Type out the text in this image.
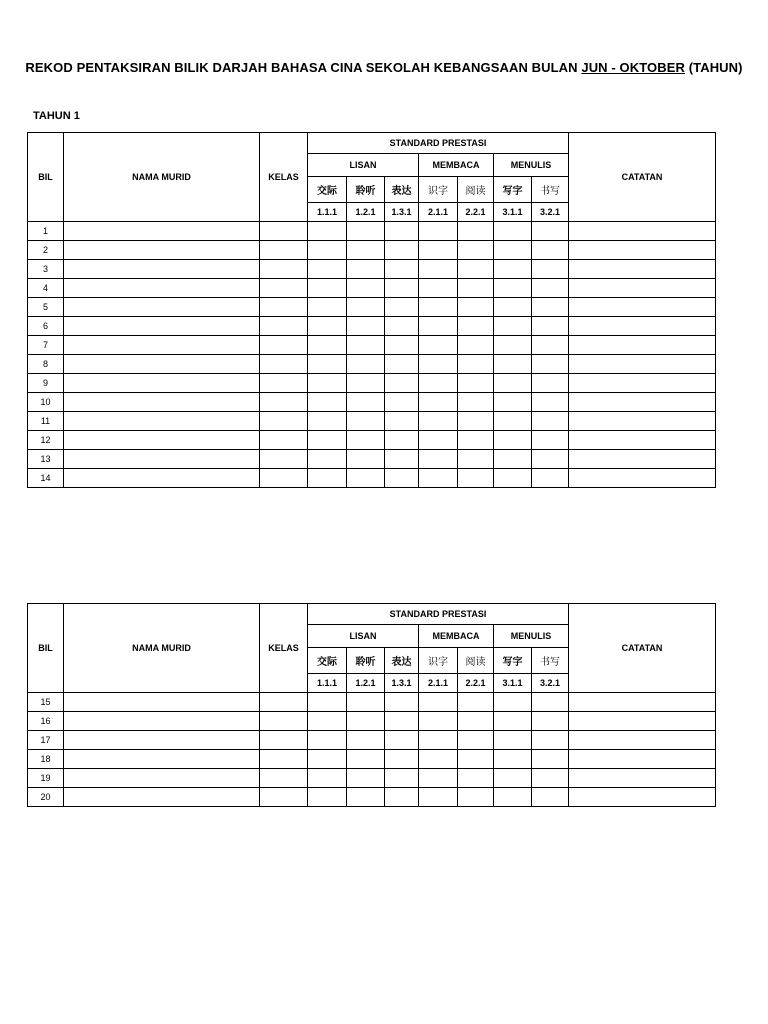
REKOD PENTAKSIRAN BILIK DARJAH BAHASA CINA SEKOLAH KEBANGSAAN BULAN JUN - OKTOBER (TAHUN)
TAHUN 1
BIL	NAMA MURID	KELAS	STANDARD PRESTASI							CATATAN
			LISAN			MEMBACA		MENULIS		
			交际	聆听	表达	识字	阅读	写字	书写	
			1.1.1	1.2.1	1.3.1	2.1.1	2.2.1	3.1.1	3.2.1	
1										
2										
3										
4										
5										
6										
7										
8										
9										
10										
11										
12										
13										
14										
BIL	NAMA MURID	KELAS	STANDARD PRESTASI							CATATAN
			LISAN			MEMBACA		MENULIS		
			交际	聆听	表达	识字	阅读	写字	书写	
			1.1.1	1.2.1	1.3.1	2.1.1	2.2.1	3.1.1	3.2.1	
15										
16										
17										
18										
19										
20										
